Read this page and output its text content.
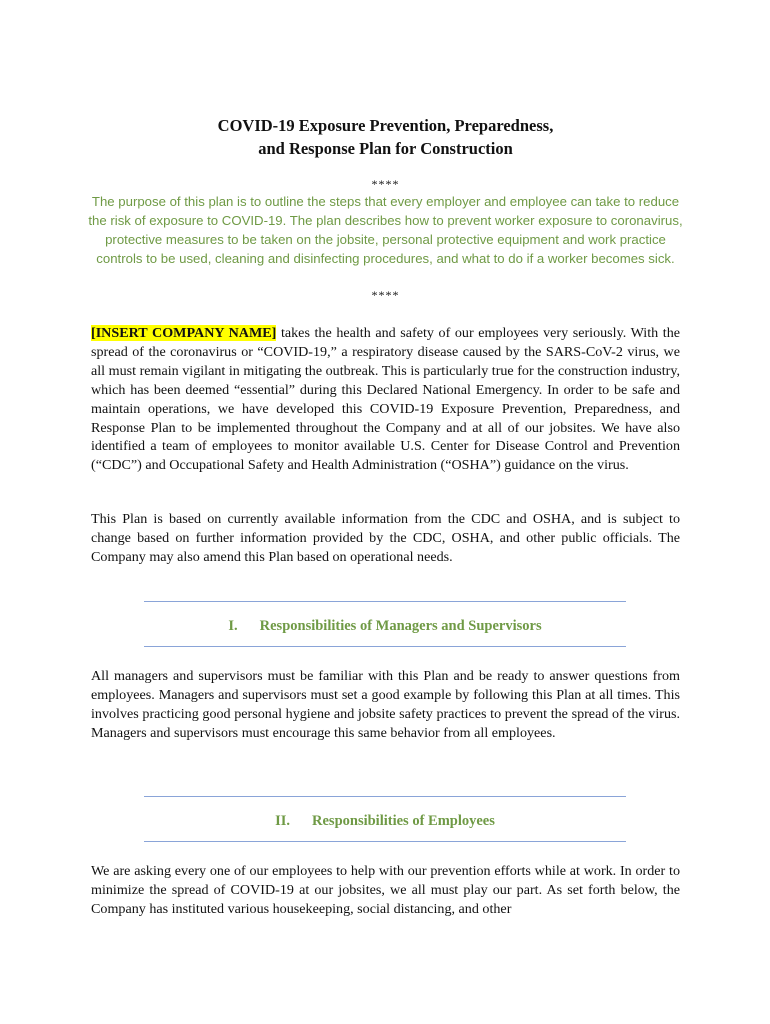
COVID-19 Exposure Prevention, Preparedness,
and Response Plan for Construction
****
The purpose of this plan is to outline the steps that every employer and employee can take to reduce the risk of exposure to COVID-19. The plan describes how to prevent worker exposure to coronavirus, protective measures to be taken on the jobsite, personal protective equipment and work practice controls to be used, cleaning and disinfecting procedures, and what to do if a worker becomes sick.
****
[INSERT COMPANY NAME] takes the health and safety of our employees very seriously. With the spread of the coronavirus or “COVID-19,” a respiratory disease caused by the SARS-CoV-2 virus, we all must remain vigilant in mitigating the outbreak. This is particularly true for the construction industry, which has been deemed “essential” during this Declared National Emergency. In order to be safe and maintain operations, we have developed this COVID-19 Exposure Prevention, Preparedness, and Response Plan to be implemented throughout the Company and at all of our jobsites. We have also identified a team of employees to monitor available U.S. Center for Disease Control and Prevention (“CDC”) and Occupational Safety and Health Administration (“OSHA”) guidance on the virus.
This Plan is based on currently available information from the CDC and OSHA, and is subject to change based on further information provided by the CDC, OSHA, and other public officials. The Company may also amend this Plan based on operational needs.
All managers and supervisors must be familiar with this Plan and be ready to answer questions from employees. Managers and supervisors must set a good example by following this Plan at all times. This involves practicing good personal hygiene and jobsite safety practices to prevent the spread of the virus. Managers and supervisors must encourage this same behavior from all employees.
We are asking every one of our employees to help with our prevention efforts while at work. In order to minimize the spread of COVID-19 at our jobsites, we all must play our part. As set forth below, the Company has instituted various housekeeping, social distancing, and other
I. Responsibilities of Managers and Supervisors
II. Responsibilities of Employees
